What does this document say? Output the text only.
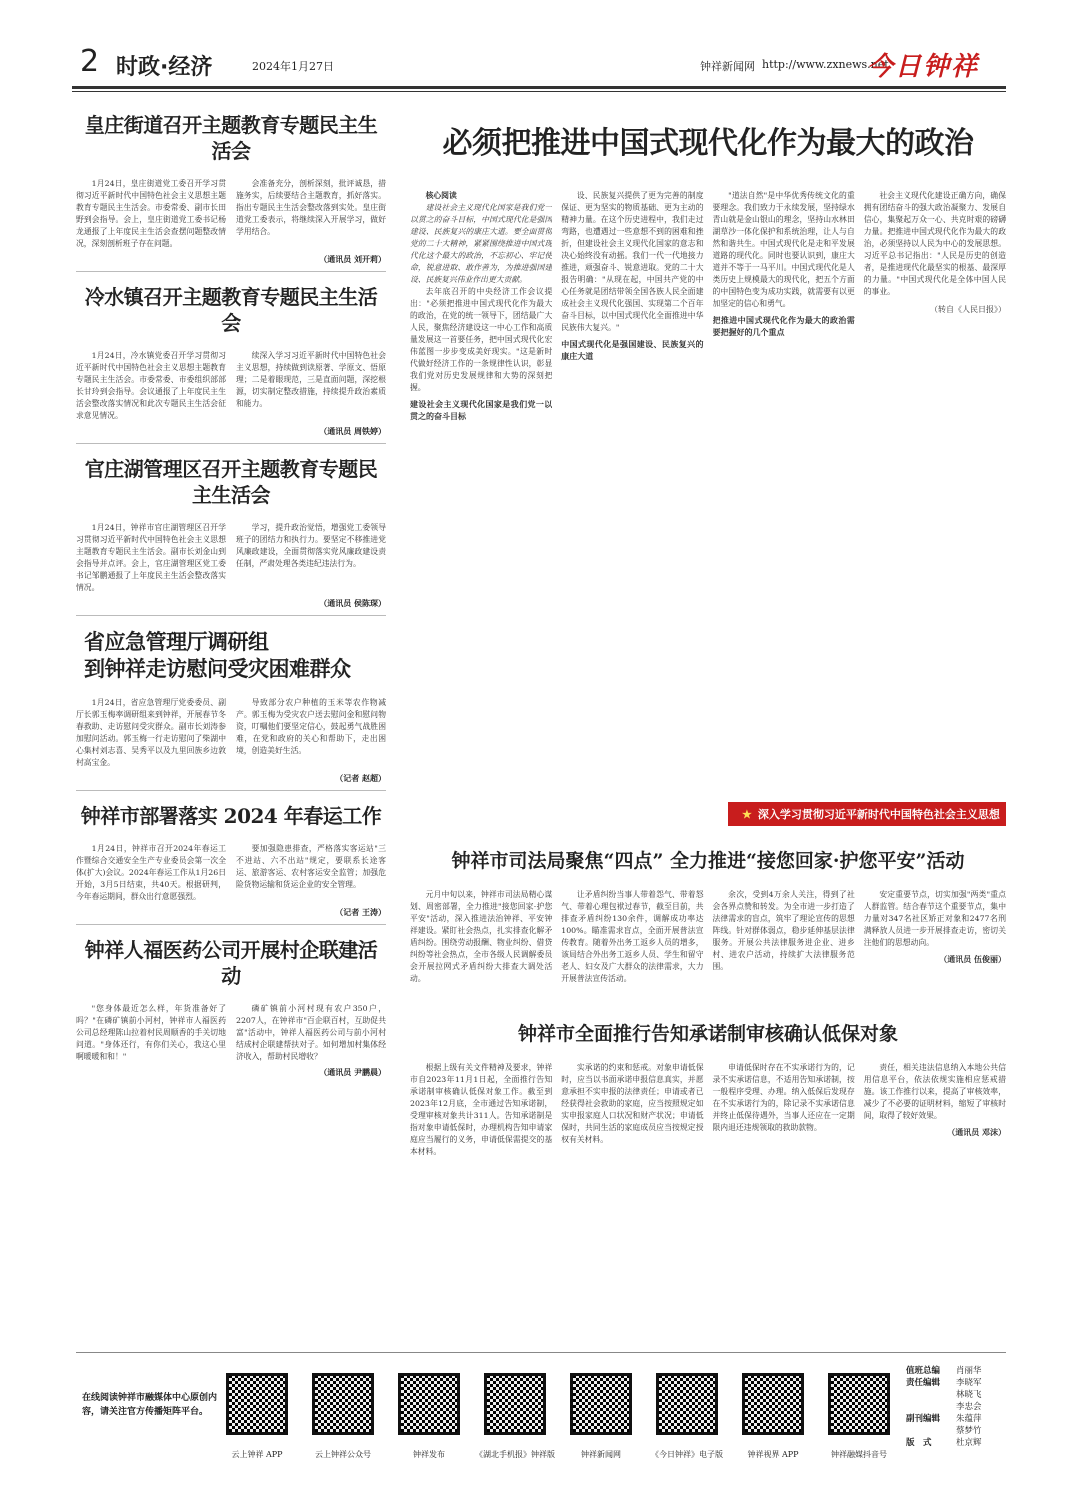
2 时政·经济	2024年1月27日	钟祥新闻网 http://www.zxnews.net
今日钟祥
皇庄街道召开主题教育专题民主生活会

1月24日，皇庄街道党工委召开学习贯彻习近平新时代中国特色社会主义思想主题教育专题民主生活会。市委常委、副市长田野到会指导。会上，皇庄街道党工委书记杨龙通报了上年度民主生活会查摆问题整改情况，深刻剖析班子存在问题。

会准备充分，剖析深刻，批评诚恳，措施务实，后续要结合主题教育，抓好落实。指出专题民主生活会整改落到实处。皇庄街道党工委表示，将继续深入开展学习，做好学用结合。

（通讯员 刘开莉）
冷水镇召开主题教育专题民主生活会

1月24日，冷水镇党委召开学习贯彻习近平新时代中国特色社会主义思想主题教育专题民主生活会。市委常委、市委组织部部长甘玲到会指导。会议通报了上年度民主生活会整改落实情况和此次专题民主生活会征求意见情况。

续深入学习习近平新时代中国特色社会主义思想，持续做到读原著、学原文、悟原理；二是着眼现范，三是直面问题，深挖根源，切实制定整改措施，持续提升政治素质和能力。

（通讯员 周铁婷）
官庄湖管理区召开主题教育专题民主生活会

1月24日，钟祥市官庄湖管理区召开学习贯彻习近平新时代中国特色社会主义思想主题教育专题民主生活会。副市长刘金山到会指导并点评。会上，官庄湖管理区党工委书记邹鹏通报了上年度民主生活会整改落实情况。

学习，提升政治觉悟，增强党工委领导班子的团结力和执行力。要坚定不移推进党风廉政建设，全面贯彻落实党风廉政建设责任制，严肃处理各类违纪违法行为。

（通讯员 侯陈琛）
省应急管理厅调研组
到钟祥走访慰问受灾困难群众

1月24日，省应急管理厅党委委员、副厅长郭玉梅率调研组来到钟祥，开展春节冬春救助、走访慰问受灾群众。副市长刘涛参加慰问活动。郭玉梅一行走访慰问了柴湖中心集村刘志喜、吴秀平以及九里回族乡边敦村高宝金。

导致部分农户种植的玉米等农作物减产。郭玉梅为受灾农户送去慰问金和慰问物资，叮嘱他们要坚定信心，鼓起勇气战胜困难，在党和政府的关心和帮助下，走出困境，创造美好生活。

（记者 赵超）
钟祥市部署落实 2024 年春运工作

1月24日，钟祥市召开2024年春运工作暨综合交通安全生产专业委员会第一次全体(扩大)会议。2024年春运工作从1月26日开始，3月5日结束，共40天。根据研判，今年春运期间，群众出行意愿强烈。

要加强隐患排查，严格落实客运站"三不进站、六不出站"规定，要联系长途客运、旅游客运、农村客运安全监管；加强危险货物运输和货运企业的安全管理。

（记者 王涛）
钟祥人福医药公司开展村企联建活动

"您身体最近怎么样，年货准备好了吗？"在磷矿镇前小河村，钟祥市人福医药公司总经理陈山拉着村民周顺香的手关切地问道。"身体还行，有你们关心，我这心里啊暖暖和和！"

磷矿镇前小河村现有农户350户，2207人，在钟祥市"百企联百村，互助促共富"活动中，钟祥人福医药公司与前小河村结成村企联建帮扶对子。如何增加村集体经济收入，帮助村民增收？

（通讯员 尹鹏晨）
必须把推进中国式现代化作为最大的政治

核心阅读

建设社会主义现代化国家是我们党一以贯之的奋斗目标，中国式现代化是强国建设、民族复兴的康庄大道。要全面贯彻党的二十大精神，紧紧围绕推进中国式现代化这个最大的政治，不忘初心、牢记使命，锐意进取、敢作善为，为推进强国建设、民族复兴伟业作出更大贡献。

去年底召开的中央经济工作会议提出："必须把推进中国式现代化作为最大的政治，在党的统一领导下，团结最广大人民，聚焦经济建设这一中心工作和高质量发展这一首要任务，把中国式现代化宏伟蓝图一步步变成美好现实。"这是新时代做好经济工作的一条规律性认识，彰显我们党对历史发展规律和大势的深刻把握。

建设社会主义现代化国家是我们党一以贯之的奋斗目标

设、民族复兴提供了更为完善的制度保证、更为坚实的物质基础、更为主动的精神力量。在这个历史进程中，我们走过弯路，也遭遇过一些意想不到的困难和挫折，但建设社会主义现代化国家的意志和决心始终没有动摇。我们一代一代地接力推进，顽强奋斗、锐意进取。党的二十大报告明确："从现在起，中国共产党的中心任务就是团结带领全国各族人民全面建成社会主义现代化强国、实现第二个百年奋斗目标，以中国式现代化全面推进中华民族伟大复兴。"

中国式现代化是强国建设、民族复兴的康庄大道

"道法自然"是中华优秀传统文化的重要理念。我们致力于永续发展，坚持绿水青山就是金山银山的理念，坚持山水林田湖草沙一体化保护和系统治理，让人与自然和谐共生。中国式现代化是走和平发展道路的现代化。同时也要认识到，康庄大道并不等于一马平川。中国式现代化是人类历史上规模最大的现代化，把五个方面的中国特色变为成功实践，就需要有以更加坚定的信心和勇气。

把推进中国式现代化作为最大的政治需要把握好的几个重点

社会主义现代化建设正确方向，确保拥有团结奋斗的强大政治凝聚力、发展自信心，集聚起万众一心、共克时艰的磅礴力量。把推进中国式现代化作为最大的政治，必须坚持以人民为中心的发展思想。习近平总书记指出："人民是历史的创造者，是推进现代化最坚实的根基、最深厚的力量。"中国式现代化是全体中国人民的事业。

（转自《人民日报》）
★ 深入学习贯彻习近平新时代中国特色社会主义思想
钟祥市司法局聚焦“四点” 全力推进“接您回家·护您平安”活动

元月中旬以来，钟祥市司法局精心谋划、周密部署，全力推进"接您回家·护您平安"活动，深入推进法治钟祥、平安钟祥建设。紧盯社会热点，扎实排查化解矛盾纠纷。围绕劳动报酬、物业纠纷、借贷纠纷等社会热点，全市各级人民调解委员会开展拉网式矛盾纠纷大排查大调处活动。

让矛盾纠纷当事人带着怨气、带着怒气、带着心理包袱过春节，截至目前，共排查矛盾纠纷130余件，调解成功率达100%。瞄准需求盲点，全面开展普法宣传教育。随着外出务工返乡人员的增多，该局结合外出务工返乡人员、学生和留守老人、妇女及广大群众的法律需求，大力开展普法宣传活动。

余次，受到4万余人关注，得到了社会各界点赞和转发。为全市进一步打造了法律需求的盲点，筑牢了理论宣传的思想阵线。针对群体弱点，稳步延伸基层法律服务。开展公共法律服务进企业、进乡村、进农户活动，持续扩大法律服务范围。

安定重要节点，切实加强"两类"重点人群监管。结合春节这个重要节点，集中力量对347名社区矫正对象和2477名刑满释放人员进一步开展排查走访，密切关注他们的思想动向。

（通讯员 伍俊丽）
钟祥市全面推行告知承诺制审核确认低保对象

根据上级有关文件精神及要求，钟祥市自2023年11月1日起，全面推行告知承诺制审核确认低保对象工作。截至到2023年12月底，全市通过告知承诺制，受理审核对象共计311人。告知承诺制是指对象申请低保时，办理机构告知申请家庭应当履行的义务，申请低保需提交的基本材料。

实承诺的约束和惩戒。对象申请低保时，应当以书面承诺申报信息真实，并愿意承担不实申报的法律责任；申请或者已经获得社会救助的家庭，应当按照规定如实申报家庭人口状况和财产状况；申请低保时，共同生活的家庭成员应当按规定授权有关材料。

申请低保时存在不实承诺行为的，记录不实承诺信息，不适用告知承诺制，按一般程序受理、办理。纳入低保后发现存在不实承诺行为的，除记录不实承诺信息并终止低保待遇外，当事人还应在一定期限内退还违规领取的救助款物。

责任，相关违法信息纳入本地公共信用信息平台，依法依规实施相应惩戒措施。该工作推行以来，提高了审核效率，减少了不必要的证明材料，缩短了审核时间，取得了较好效果。

（通讯员 邓沫）
在线阅读钟祥市融媒体中心原创内容，请关注官方传播矩阵平台。
云上钟祥 APP	云上钟祥公众号	钟祥发布	《湖北手机报》钟祥版	钟祥新闻网	《今日钟祥》电子版	钟祥视界 APP	钟祥融媒抖音号
值班总编 肖丽华
责任编辑 李晓军
林晓飞
李忠会
副刊编辑 朱蕴萍
蔡梦竹
版　式	杜京辉
